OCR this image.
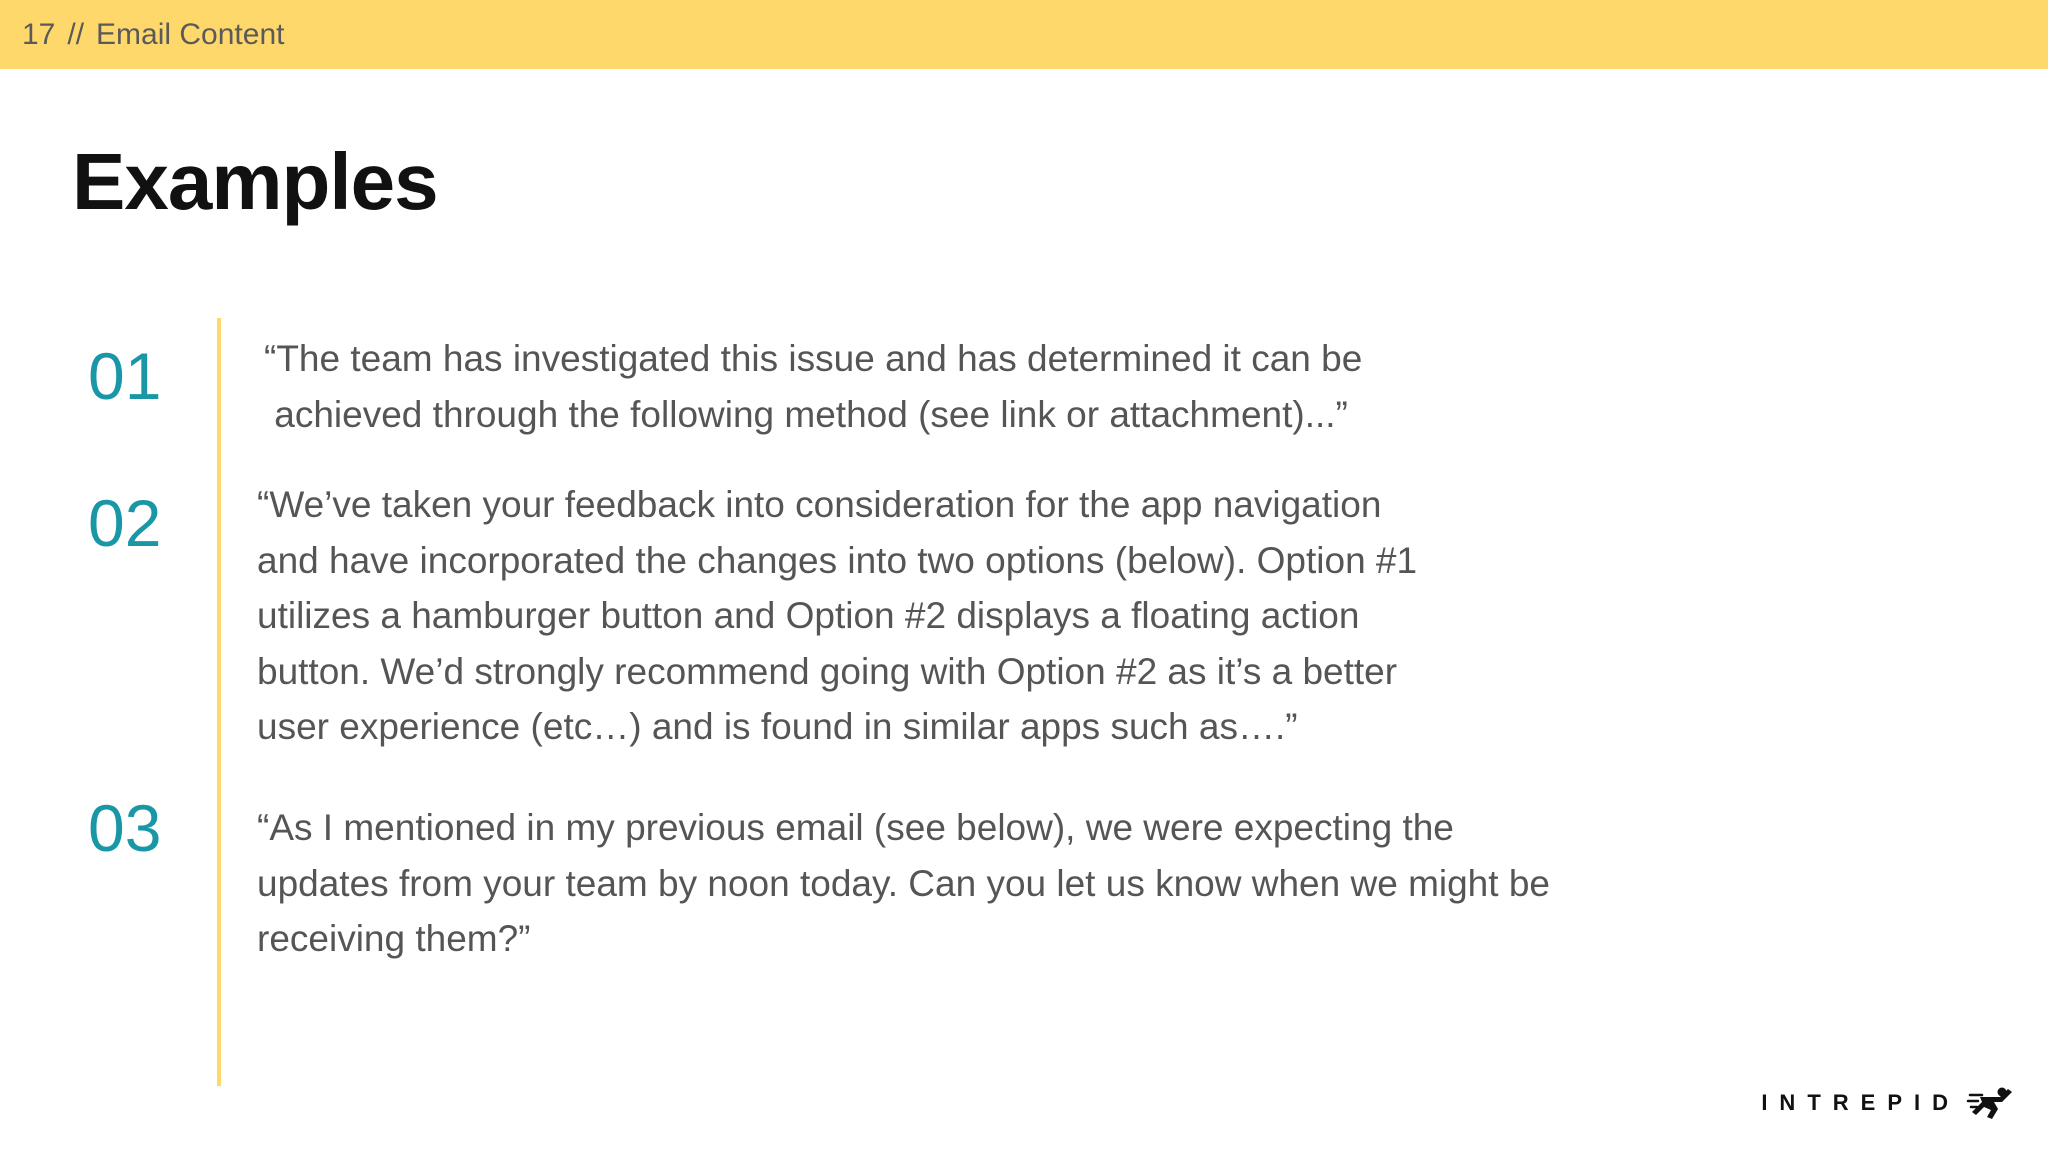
17 // Email Content
Examples
01	“The team has investigated this issue and has determined it can be
achieved through the following method (see link or attachment)...”

02	“We’ve taken your feedback into consideration for the app navigation
and have incorporated the changes into two options (below). Option #1
utilizes a hamburger button and Option #2 displays a floating action
button. We’d strongly recommend going with Option #2 as it’s a better
user experience (etc…) and is found in similar apps such as….”

03	“As I mentioned in my previous email (see below), we were expecting the
updates from your team by noon today. Can you let us know when we might be
receiving them?”

INTREPID
